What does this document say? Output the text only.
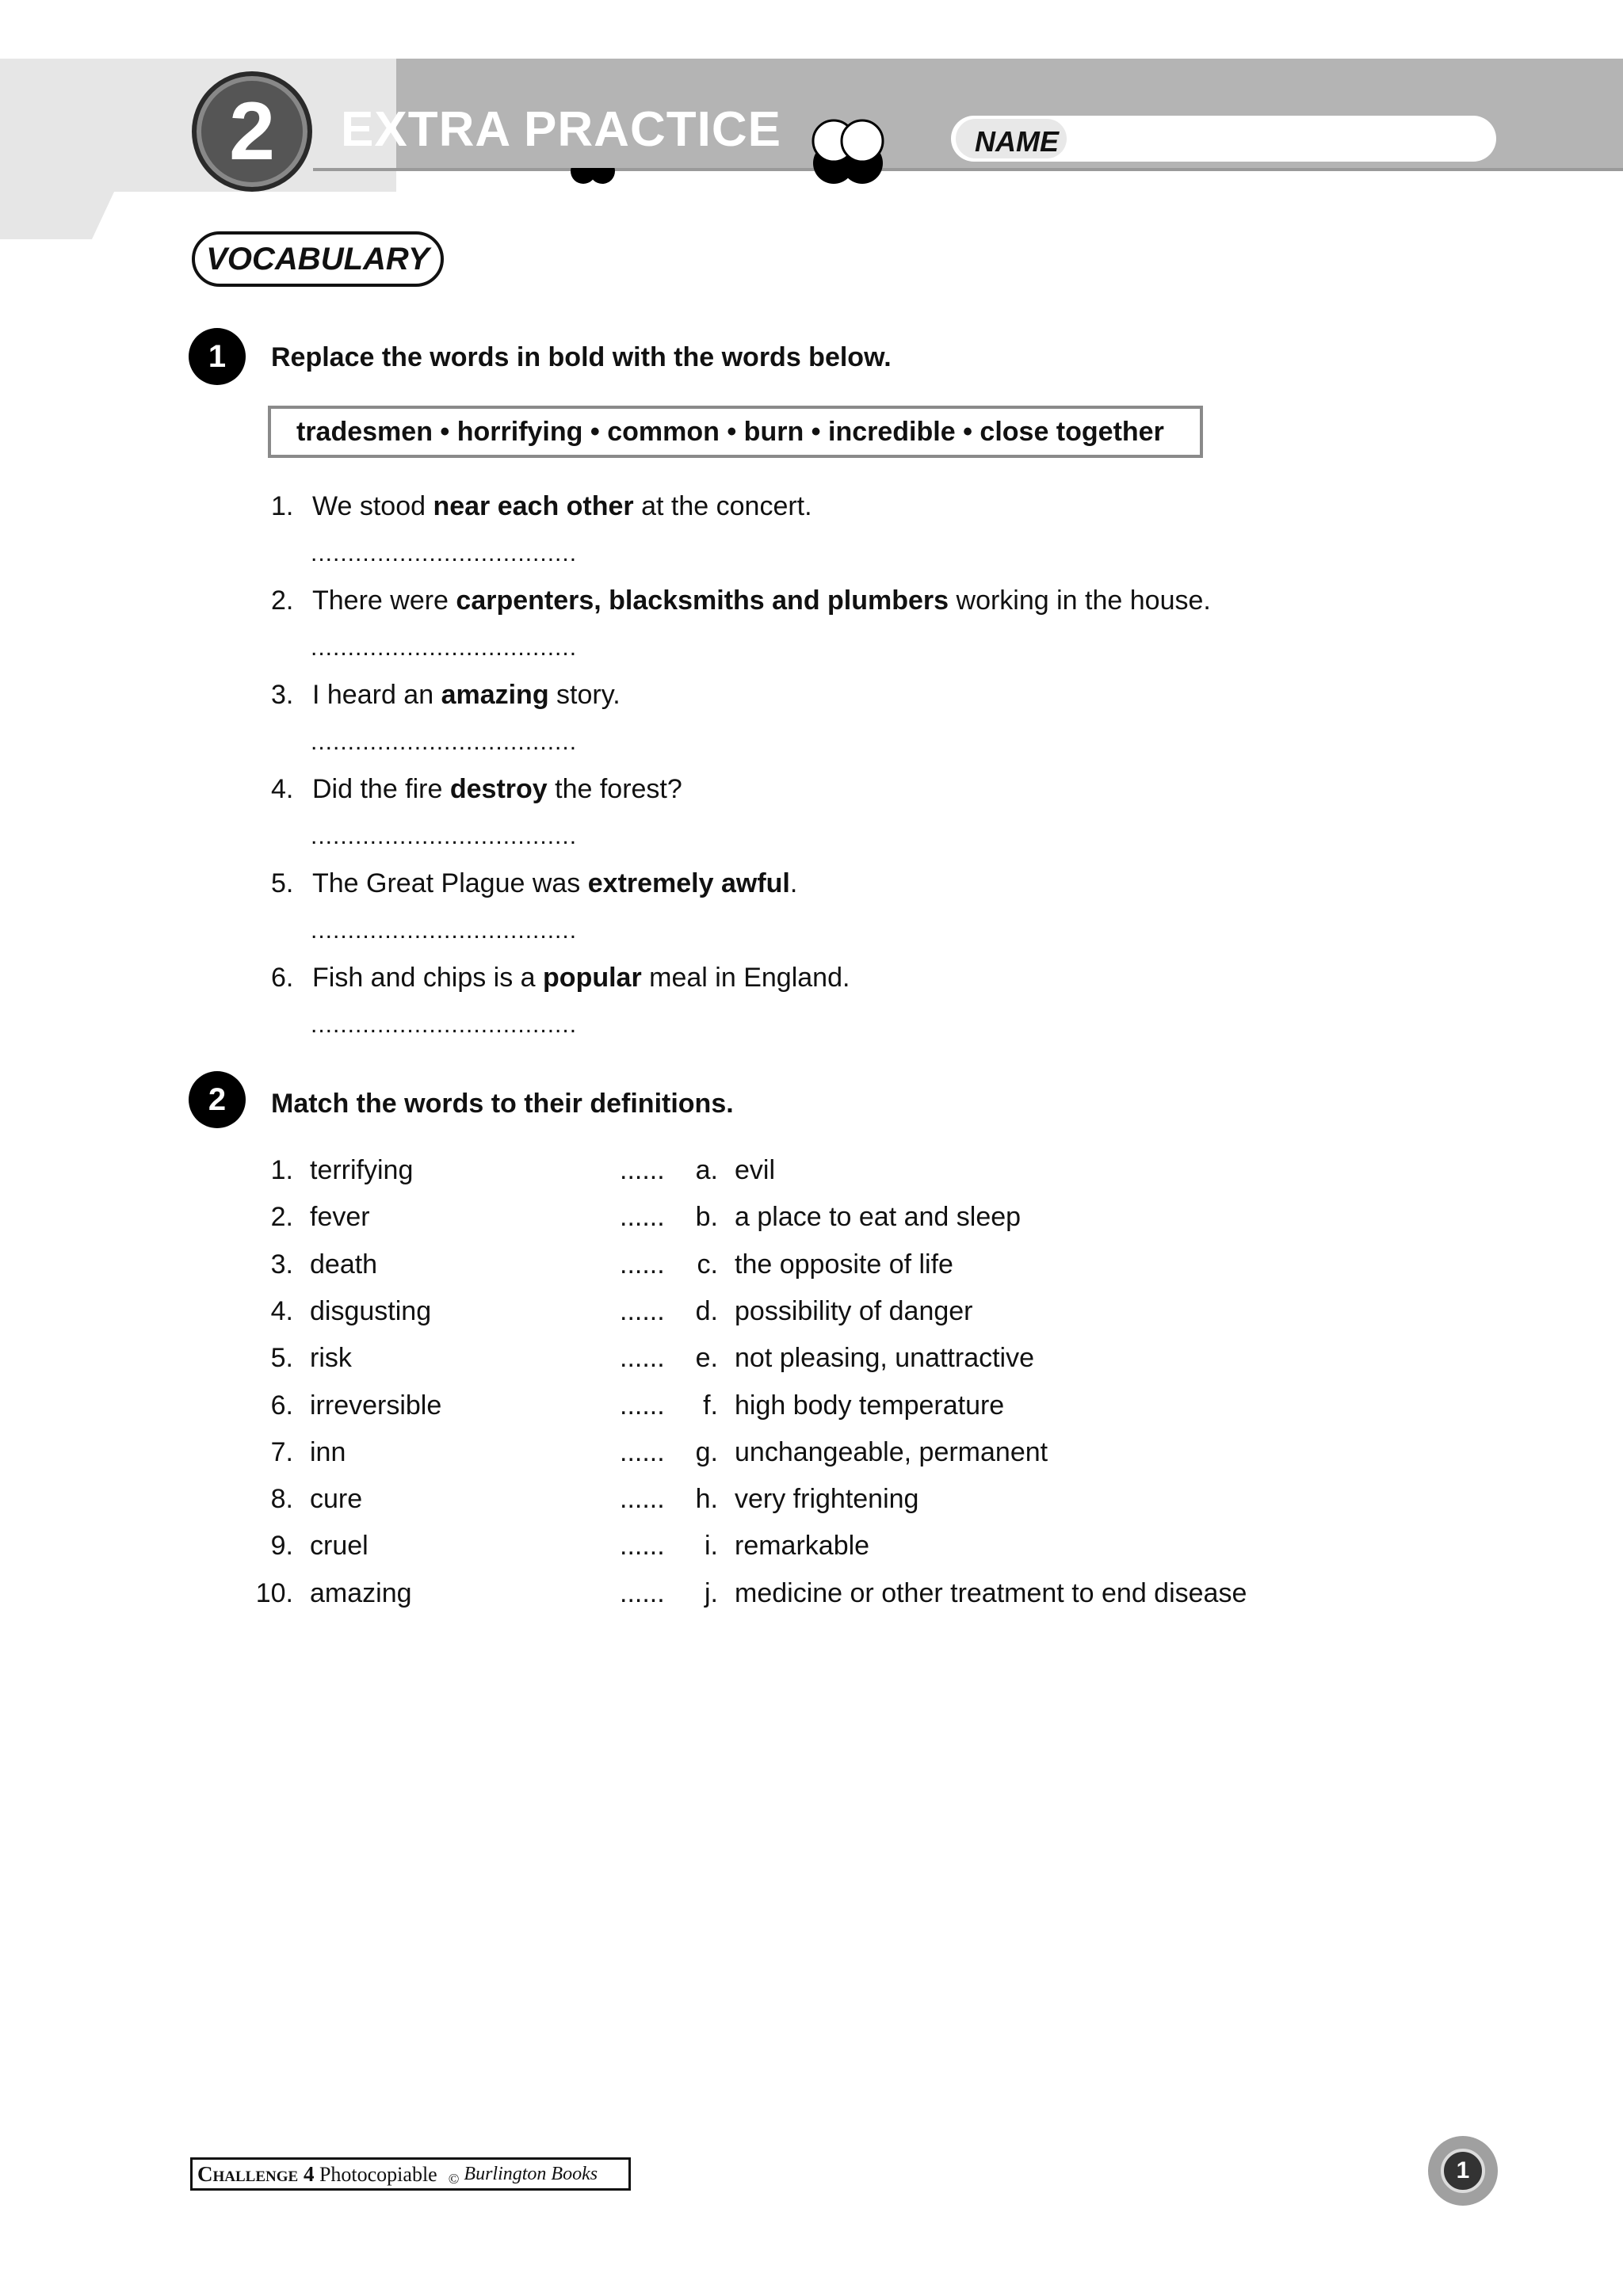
2 EXTRA PRACTICE	NAME
VOCABULARY
1 Replace the words in bold with the words below.
tradesmen • horrifying • common • burn • incredible • close together
1. We stood near each other at the concert.
....................................
2. There were carpenters, blacksmiths and plumbers working in the house.
....................................
3. I heard an amazing story.
....................................
4. Did the fire destroy the forest?
....................................
5. The Great Plague was extremely awful.
....................................
6. Fish and chips is a popular meal in England.
....................................
2 Match the words to their definitions.
1. terrifying	...... a. evil
2. fever	...... b. a place to eat and sleep
3. death	...... c. the opposite of life
4. disgusting	...... d. possibility of danger
5. risk	...... e. not pleasing, unattractive
6. irreversible	......	f. high body temperature
7. inn	...... g. unchangeable, permanent
8. cure	...... h. very frightening
9. cruel	......	i. remarkable
10. amazing	......	j. medicine or other treatment to end disease
Challenge 4 Photocopiable © Burlington Books	1
